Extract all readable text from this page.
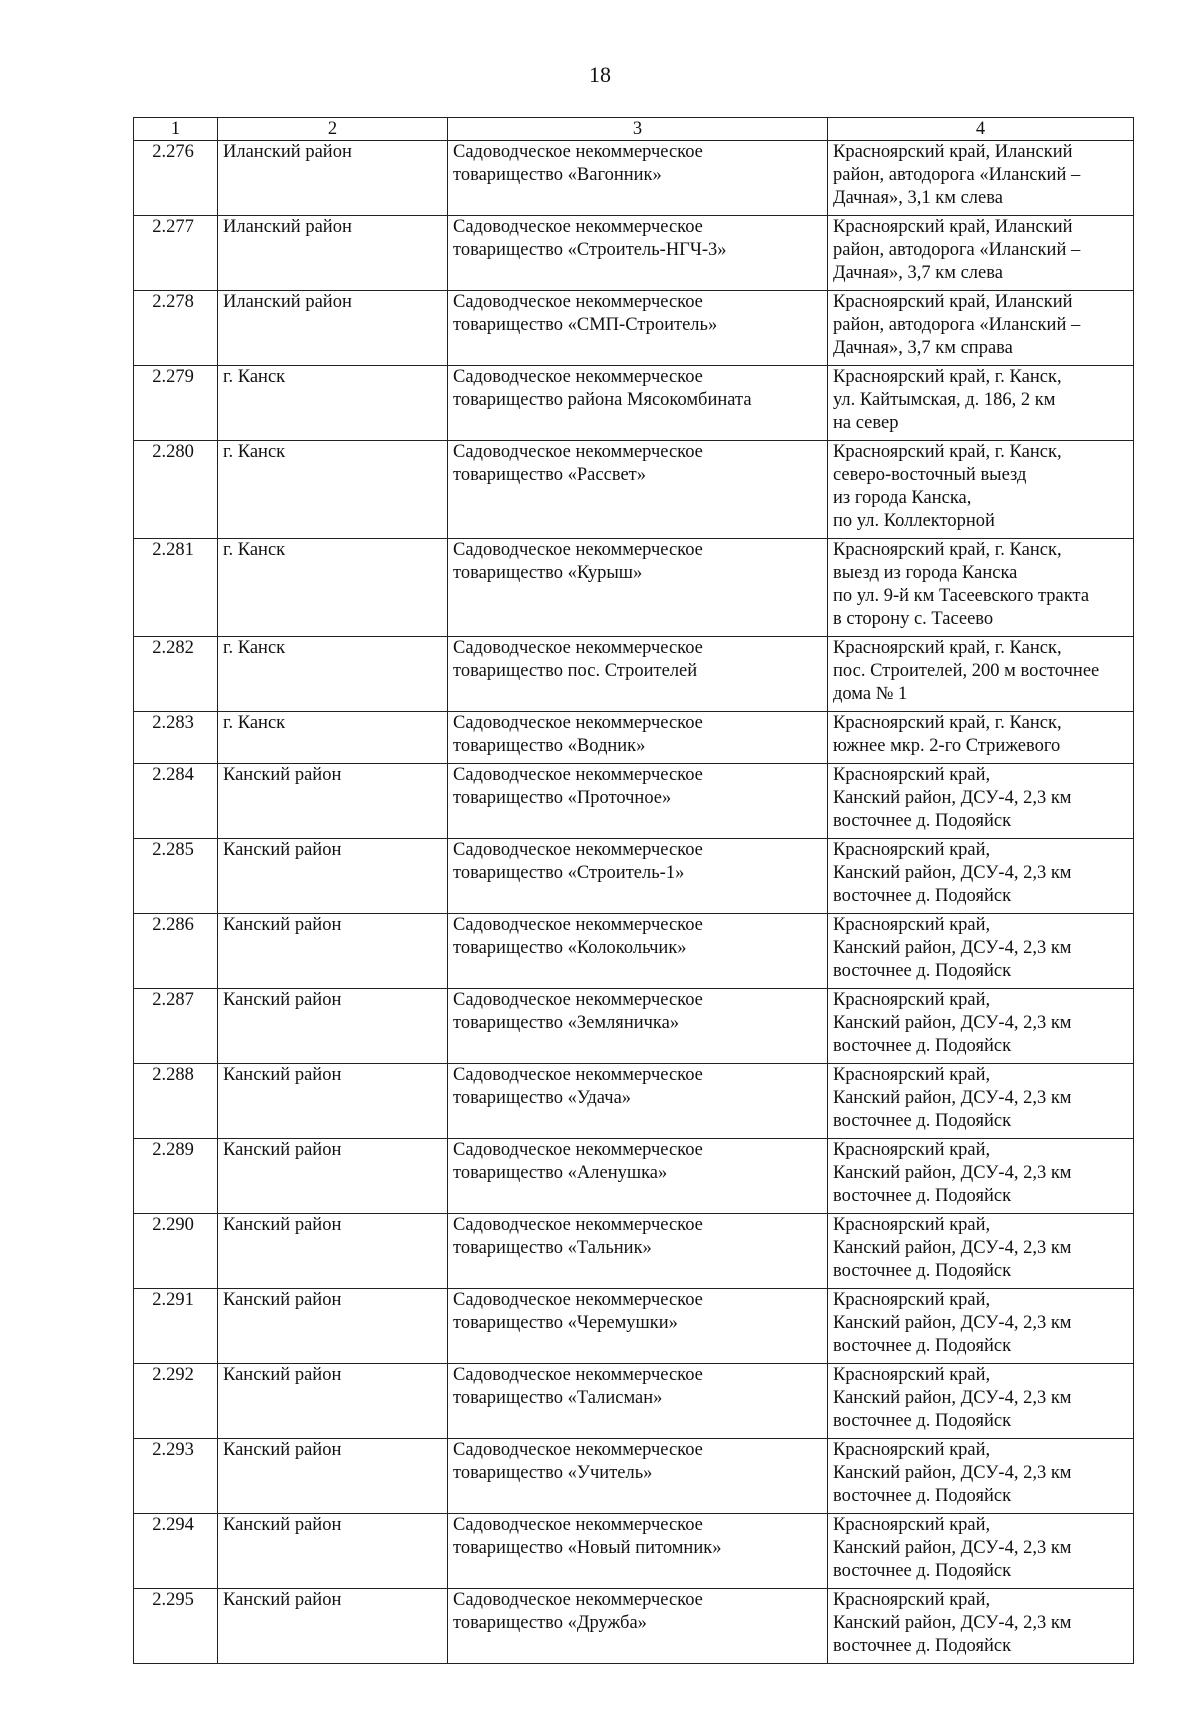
18
1	2	3	4
2.276	Иланский район	Садоводческое некоммерческое
товарищество «Вагонник»	Красноярский край, Иланский
район, автодорога «Иланский –
Дачная», 3,1 км слева

2.277	Иланский район	Садоводческое некоммерческое
товарищество «Строитель-НГЧ-3»	Красноярский край, Иланский
район, автодорога «Иланский –
Дачная», 3,7 км слева

2.278	Иланский район	Садоводческое некоммерческое
товарищество «СМП-Строитель»	Красноярский край, Иланский
район, автодорога «Иланский –
Дачная», 3,7 км справа

2.279	г. Канск	Садоводческое некоммерческое
товарищество района Мясокомбината	Красноярский край, г. Канск,
ул. Кайтымская, д. 186, 2 км
на север

2.280	г. Канск	Садоводческое некоммерческое
товарищество «Рассвет»	Красноярский край, г. Канск,
северо-восточный выезд
из города Канска,
по ул. Коллекторной

2.281	г. Канск	Садоводческое некоммерческое
товарищество «Курыш»	Красноярский край, г. Канск,
выезд из города Канска
по ул. 9-й км Тасеевского тракта
в сторону с. Тасеево

2.282	г. Канск	Садоводческое некоммерческое
товарищество пос. Строителей	Красноярский край, г. Канск,
пос. Строителей, 200 м восточнее
дома № 1

2.283	г. Канск	Садоводческое некоммерческое
товарищество «Водник»	Красноярский край, г. Канск,
южнее мкр. 2-го Стрижевого

2.284	Канский район	Садоводческое некоммерческое
товарищество «Проточное»	Красноярский край,
Канский район, ДСУ-4, 2,3 км
восточнее д. Подояйск

2.285	Канский район	Садоводческое некоммерческое
товарищество «Строитель-1»	Красноярский край,
Канский район, ДСУ-4, 2,3 км
восточнее д. Подояйск

2.286	Канский район	Садоводческое некоммерческое
товарищество «Колокольчик»	Красноярский край,
Канский район, ДСУ-4, 2,3 км
восточнее д. Подояйск

2.287	Канский район	Садоводческое некоммерческое
товарищество «Земляничка»	Красноярский край,
Канский район, ДСУ-4, 2,3 км
восточнее д. Подояйск

2.288	Канский район	Садоводческое некоммерческое
товарищество «Удача»	Красноярский край,
Канский район, ДСУ-4, 2,3 км
восточнее д. Подояйск

2.289	Канский район	Садоводческое некоммерческое
товарищество «Аленушка»	Красноярский край,
Канский район, ДСУ-4, 2,3 км
восточнее д. Подояйск

2.290	Канский район	Садоводческое некоммерческое
товарищество «Тальник»	Красноярский край,
Канский район, ДСУ-4, 2,3 км
восточнее д. Подояйск

2.291	Канский район	Садоводческое некоммерческое
товарищество «Черемушки»	Красноярский край,
Канский район, ДСУ-4, 2,3 км
восточнее д. Подояйск

2.292	Канский район	Садоводческое некоммерческое
товарищество «Талисман»	Красноярский край,
Канский район, ДСУ-4, 2,3 км
восточнее д. Подояйск

2.293	Канский район	Садоводческое некоммерческое
товарищество «Учитель»	Красноярский край,
Канский район, ДСУ-4, 2,3 км
восточнее д. Подояйск

2.294	Канский район	Садоводческое некоммерческое
товарищество «Новый питомник»	Красноярский край,
Канский район, ДСУ-4, 2,3 км
восточнее д. Подояйск

2.295	Канский район	Садоводческое некоммерческое
товарищество «Дружба»	Красноярский край,
Канский район, ДСУ-4, 2,3 км
восточнее д. Подояйск
